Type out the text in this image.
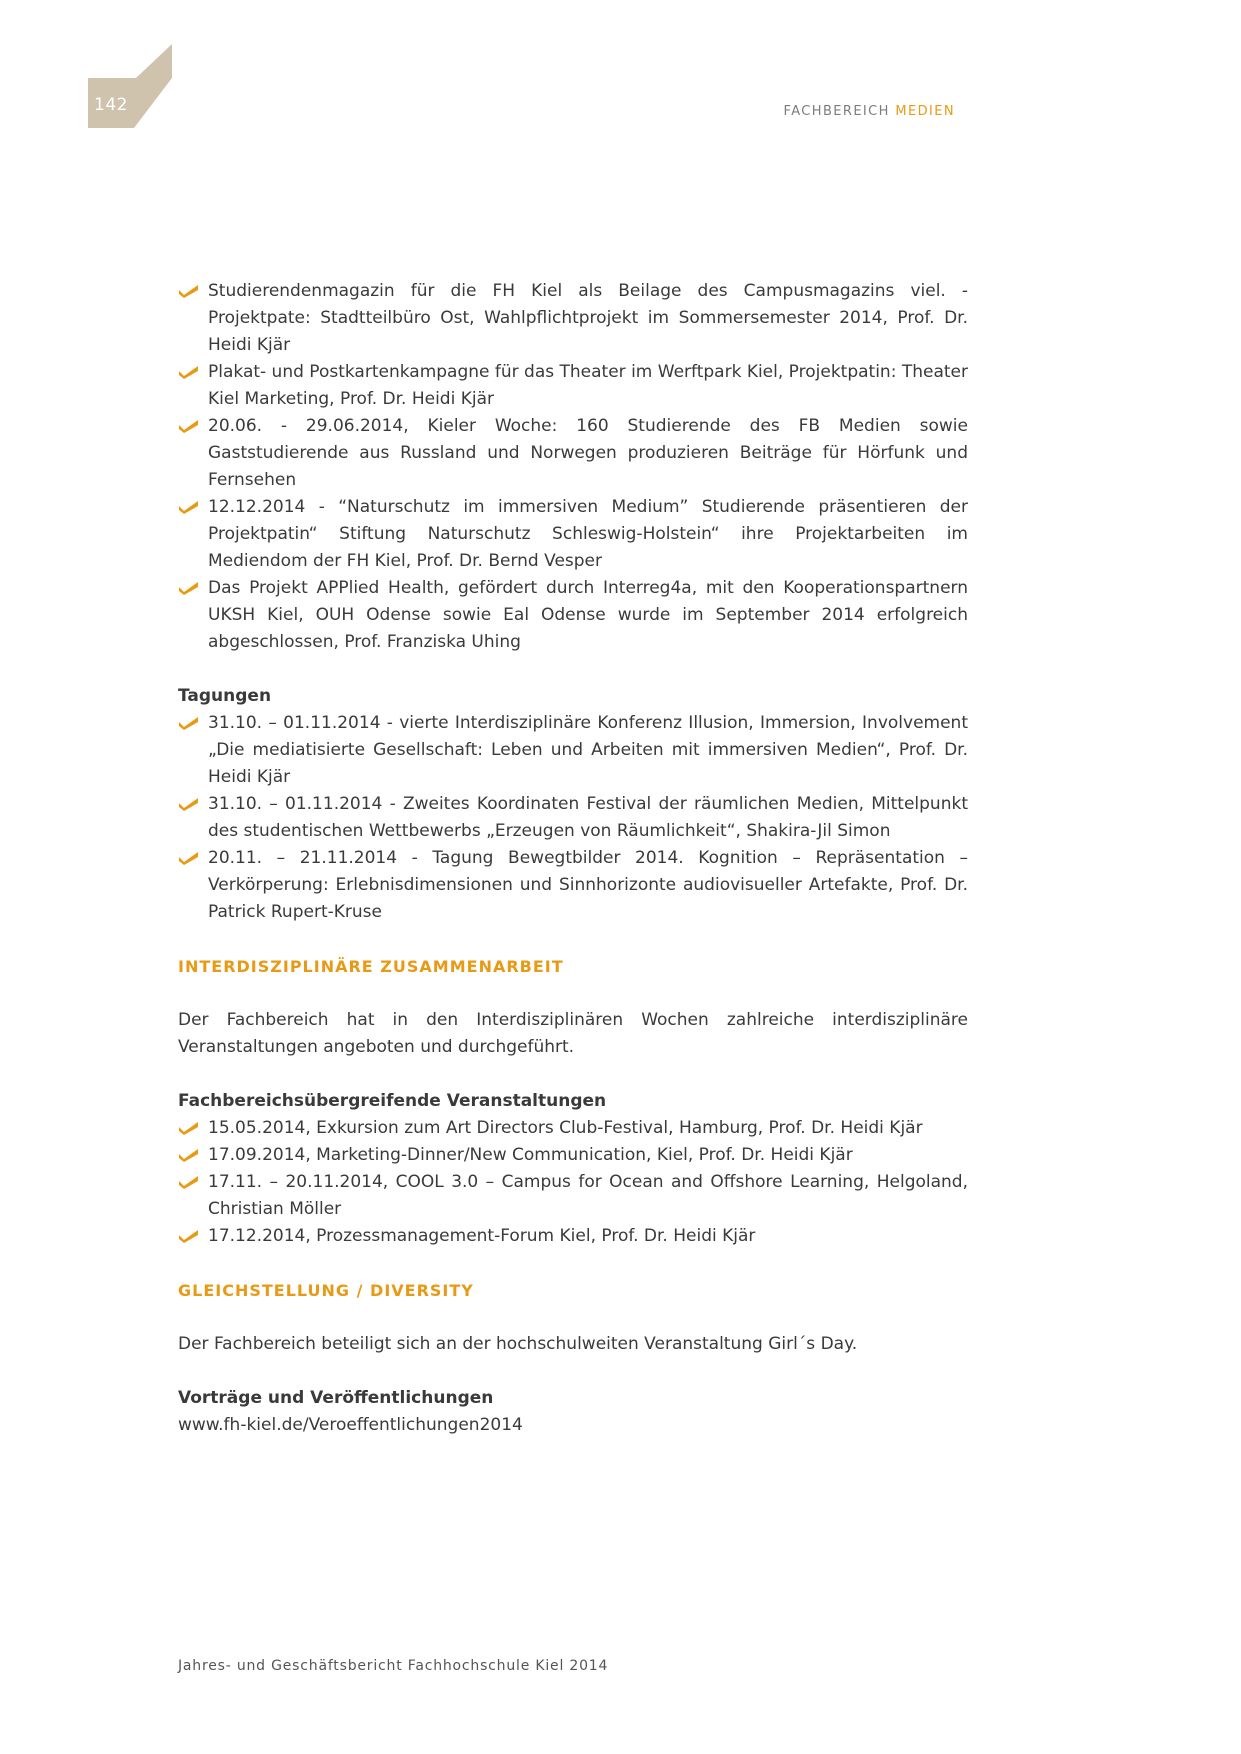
142	FACHBEREICH MEDIEN
Studierendenmagazin für die FH Kiel als Beilage des Campusmagazins viel. - Projektpate: Stadtteilbüro Ost, Wahlpflichtprojekt im Sommersemester 2014, Prof. Dr. Heidi Kjär
Plakat- und Postkartenkampagne für das Theater im Werftpark Kiel, Projektpatin: Theater Kiel Marketing, Prof. Dr. Heidi Kjär
20.06. - 29.06.2014, Kieler Woche: 160 Studierende des FB Medien sowie Gaststudierende aus Russland und Norwegen produzieren Beiträge für Hörfunk und Fernsehen
12.12.2014 - “Naturschutz im immersiven Medium” Studierende präsentieren der Projektpatin“ Stiftung Naturschutz Schleswig-Holstein“ ihre Projektarbeiten im Mediendom der FH Kiel, Prof. Dr. Bernd Vesper
Das Projekt APPlied Health, gefördert durch Interreg4a, mit den Kooperationspartnern UKSH Kiel, OUH Odense sowie Eal Odense wurde im September 2014 erfolgreich abgeschlossen, Prof. Franziska Uhing

Tagungen

31.10. – 01.11.2014 - vierte Interdisziplinäre Konferenz Illusion, Immersion, Involvement „Die mediatisierte Gesellschaft: Leben und Arbeiten mit immersiven Medien“, Prof. Dr. Heidi Kjär
31.10. – 01.11.2014 - Zweites Koordinaten Festival der räumlichen Medien, Mittelpunkt des studentischen Wettbewerbs „Erzeugen von Räumlichkeit“, Shakira-Jil Simon
20.11. – 21.11.2014 - Tagung Bewegtbilder 2014. Kognition – Repräsentation – Verkörperung: Erlebnisdimensionen und Sinnhorizonte audiovisueller Artefakte, Prof. Dr. Patrick Rupert-Kruse

INTERDISZIPLINÄRE ZUSAMMENARBEIT

Der Fachbereich hat in den Interdisziplinären Wochen zahlreiche interdisziplinäre Veranstaltungen angeboten und durchgeführt.

Fachbereichsübergreifende Veranstaltungen

15.05.2014, Exkursion zum Art Directors Club-Festival, Hamburg, Prof. Dr. Heidi Kjär
17.09.2014, Marketing-Dinner/New Communication, Kiel, Prof. Dr. Heidi Kjär
17.11. – 20.11.2014, COOL 3.0 – Campus for Ocean and Offshore Learning, Helgoland, Christian Möller
17.12.2014, Prozessmanagement-Forum Kiel, Prof. Dr. Heidi Kjär

GLEICHSTELLUNG / DIVERSITY

Der Fachbereich beteiligt sich an der hochschulweiten Veranstaltung Girl´s Day.

Vorträge und Veröffentlichungen

www.fh-kiel.de/Veroeffentlichungen2014

Jahres- und Geschäftsbericht Fachhochschule Kiel 2014
